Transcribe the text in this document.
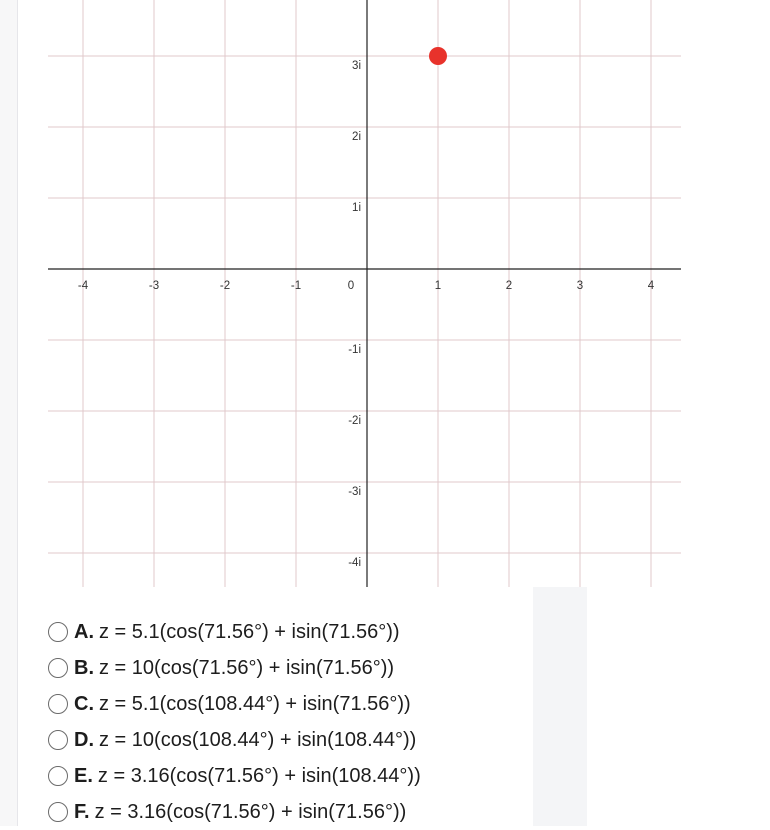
-4	-3	-2	-1	0	1	2	3	4
3i
2i
1i
-1i
-2i
-3i
-4i
A. z = 5.1(cos(71.56°) + isin(71.56°))
B. z = 10(cos(71.56°) + isin(71.56°))
C. z = 5.1(cos(108.44°) + isin(71.56°))
D. z = 10(cos(108.44°) + isin(108.44°))
E. z = 3.16(cos(71.56°) + isin(108.44°))
F. z = 3.16(cos(71.56°) + isin(71.56°))
